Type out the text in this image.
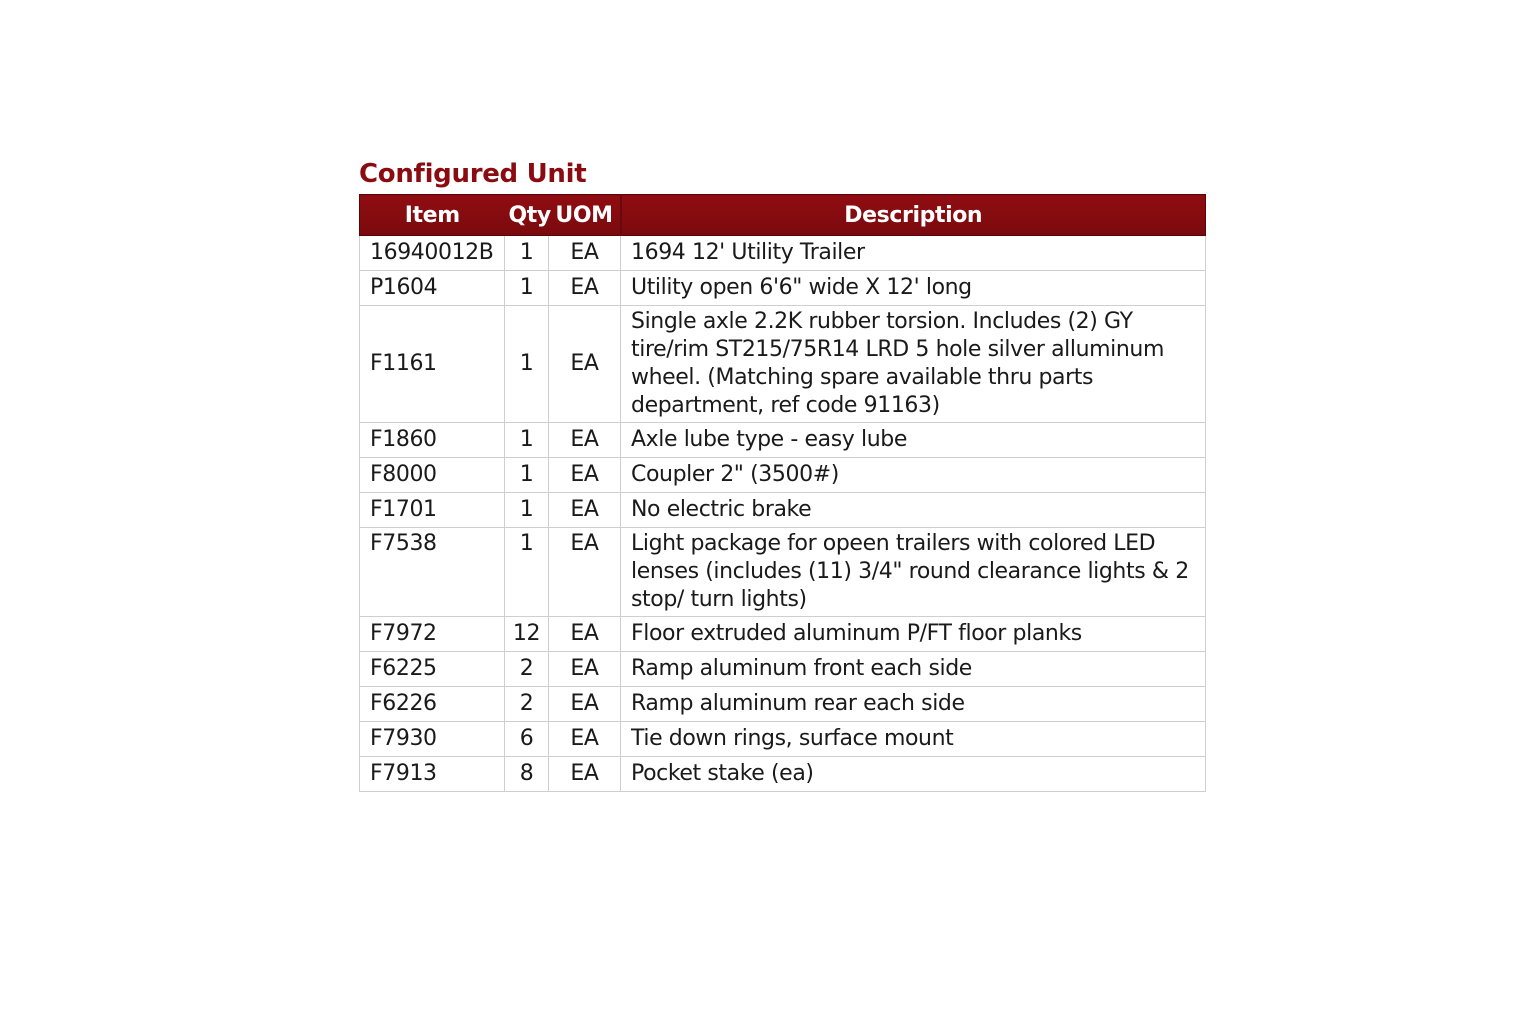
Configured Unit
Item	Qty	UOM	Description
16940012B	1	EA	1694 12' Utility Trailer
P1604	1	EA	Utility open 6'6" wide X 12' long
F1161	1	EA	Single axle 2.2K rubber torsion. Includes (2) GY tire/rim ST215/75R14 LRD 5 hole silver alluminum wheel. (Matching spare available thru parts department, ref code 91163)
F1860	1	EA	Axle lube type - easy lube
F8000	1	EA	Coupler 2" (3500#)
F1701	1	EA	No electric brake
F7538	1	EA	Light package for opeen trailers with colored LED lenses (includes (11) 3/4" round clearance lights & 2 stop/ turn lights)
F7972	12	EA	Floor extruded aluminum P/FT floor planks
F6225	2	EA	Ramp aluminum front each side
F6226	2	EA	Ramp aluminum rear each side
F7930	6	EA	Tie down rings, surface mount
F7913	8	EA	Pocket stake (ea)
